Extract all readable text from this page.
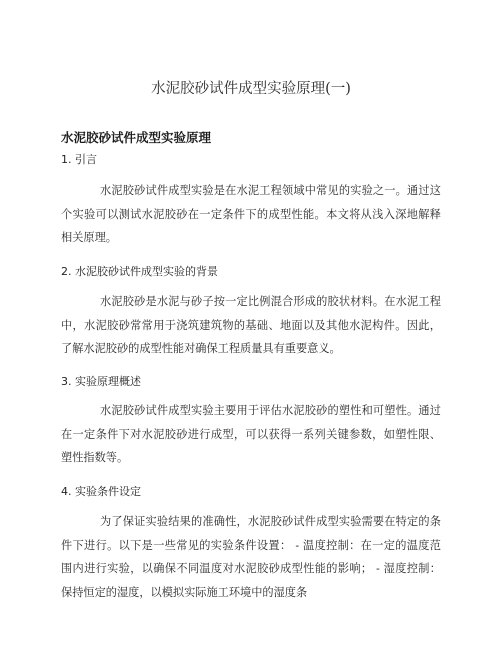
水泥胶砂试件成型实验原理(一)
水泥胶砂试件成型实验原理
1. 引言

水泥胶砂试件成型实验是在水泥工程领域中常见的实验之一。通过这个实验可以测试水泥胶砂在一定条件下的成型性能。本文将从浅入深地解释相关原理。

2. 水泥胶砂试件成型实验的背景

水泥胶砂是水泥与砂子按一定比例混合形成的胶状材料。在水泥工程中，水泥胶砂常常用于浇筑建筑物的基础、地面以及其他水泥构件。因此，了解水泥胶砂的成型性能对确保工程质量具有重要意义。

3. 实验原理概述

水泥胶砂试件成型实验主要用于评估水泥胶砂的塑性和可塑性。通过在一定条件下对水泥胶砂进行成型，可以获得一系列关键参数，如塑性限、塑性指数等。

4. 实验条件设定

为了保证实验结果的准确性，水泥胶砂试件成型实验需要在特定的条件下进行。以下是一些常见的实验条件设置： - 温度控制：在一定的温度范围内进行实验，以确保不同温度对水泥胶砂成型性能的影响； - 湿度控制：保持恒定的湿度，以模拟实际施工环境中的湿度条
